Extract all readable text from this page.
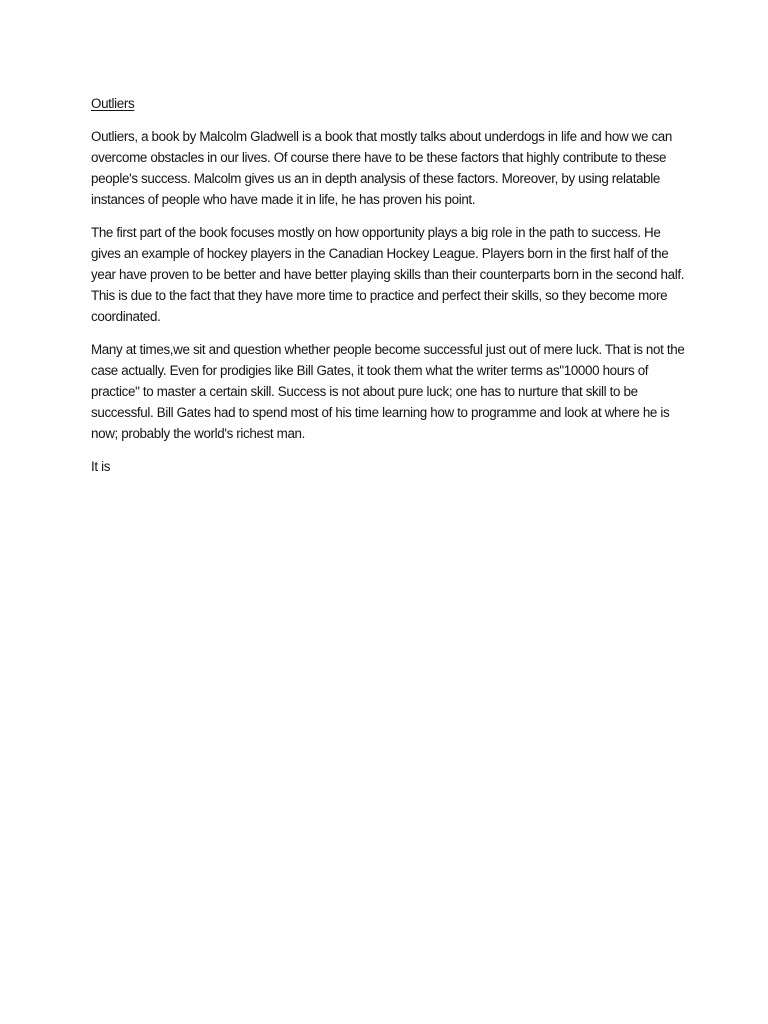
Outliers

Outliers, a book by Malcolm Gladwell is a book that mostly talks about underdogs in life and how we can overcome obstacles in our lives. Of course there have to be these factors that highly contribute to these people's success. Malcolm gives us an in depth analysis of these factors. Moreover, by using relatable instances of people who have made it in life, he has proven his point.

The first part of the book focuses mostly on how opportunity plays a big role in the path to success. He gives an example of hockey players in the Canadian Hockey League. Players born in the first half of the year have proven to be better and have better playing skills than their counterparts born in the second half. This is due to the fact that they have more time to practice and perfect their skills, so they become more coordinated.

Many at times,we sit and question whether people become successful just out of mere luck. That is not the case actually. Even for prodigies like Bill Gates, it took them what the writer terms as"10000 hours of practice" to master a certain skill. Success is not about pure luck; one has to nurture that skill to be successful. Bill Gates had to spend most of his time learning how to programme and look at where he is now; probably the world's richest man.

It is
